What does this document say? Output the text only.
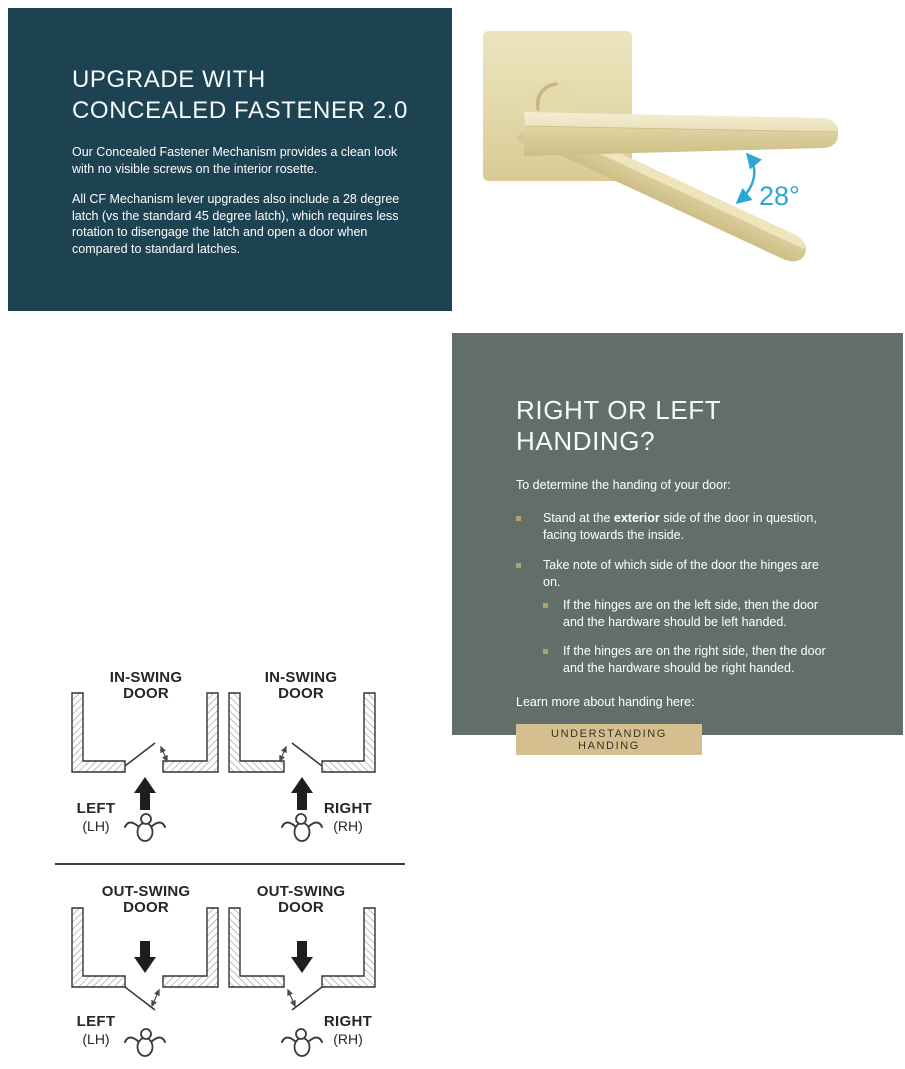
UPGRADE WITH CONCEALED FASTENER 2.0

Our Concealed Fastener Mechanism provides a clean look with no visible screws on the interior rosette.

All CF Mechanism lever upgrades also include a 28 degree latch (vs the standard 45 degree latch), which requires less rotation to disengage the latch and open a door when compared to standard latches.

28°
IN-SWING
DOOR
IN-SWING
DOOR
LEFT
(LH)
RIGHT
(RH)
OUT-SWING
DOOR
OUT-SWING
DOOR
LEFT
(LH)
RIGHT
(RH)
RIGHT OR LEFT HANDING?

To determine the handing of your door:

Stand at the exterior side of the door in question, facing towards the inside.
Take note of which side of the door the hinges are on.
If the hinges are on the left side, then the door and the hardware should be left handed.
If the hinges are on the right side, then the door and the hardware should be right handed.

Learn more about handing here:

UNDERSTANDING HANDING
